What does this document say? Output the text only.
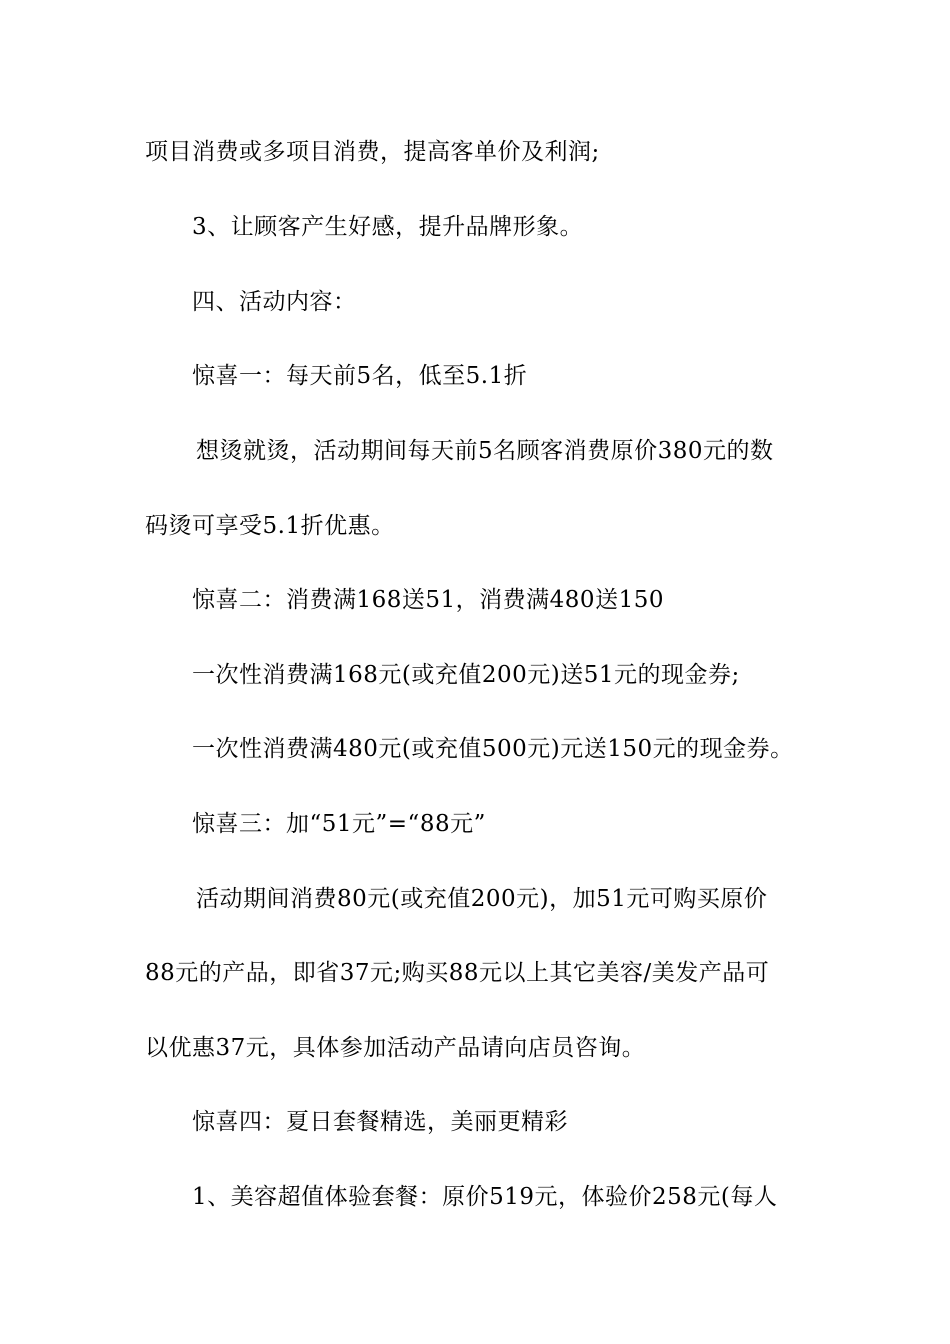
项目消费或多项目消费，提高客单价及利润;
3、让顾客产生好感，提升品牌形象。
四、活动内容：
惊喜一：每天前5名，低至5.1折
想烫就烫，活动期间每天前5名顾客消费原价380元的数
码烫可享受5.1折优惠。
惊喜二：消费满168送51，消费满480送150
一次性消费满168元(或充值200元)送51元的现金券;
一次性消费满480元(或充值500元)元送150元的现金券。
惊喜三：加“51元”=“88元”
活动期间消费80元(或充值200元)，加51元可购买原价
88元的产品，即省37元;购买88元以上其它美容/美发产品可
以优惠37元，具体参加活动产品请向店员咨询。
惊喜四：夏日套餐精选，美丽更精彩
1、美容超值体验套餐：原价519元，体验价258元(每人
